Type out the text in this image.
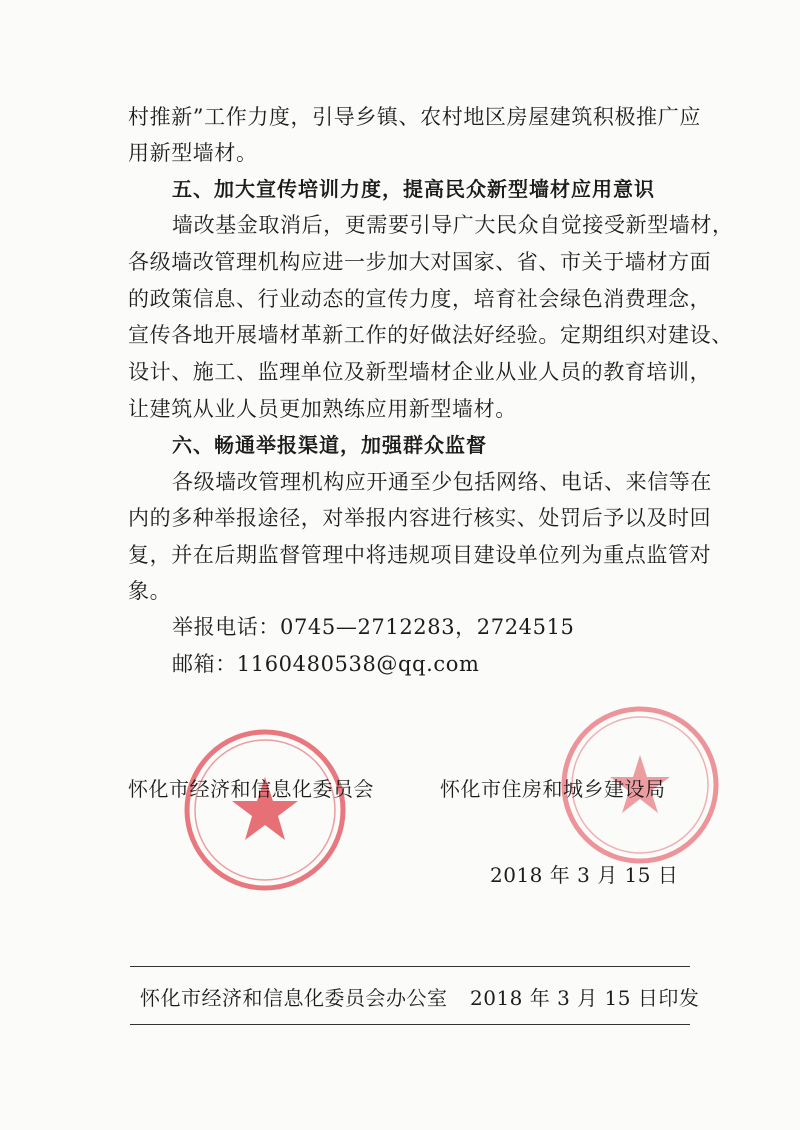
村推新”工作力度，引导乡镇、农村地区房屋建筑积极推广应
用新型墙材。
五、加大宣传培训力度，提高民众新型墙材应用意识
墙改基金取消后，更需要引导广大民众自觉接受新型墙材，
各级墙改管理机构应进一步加大对国家、省、市关于墙材方面
的政策信息、行业动态的宣传力度，培育社会绿色消费理念，
宣传各地开展墙材革新工作的好做法好经验。定期组织对建设、
设计、施工、监理单位及新型墙材企业从业人员的教育培训，
让建筑从业人员更加熟练应用新型墙材。
六、畅通举报渠道，加强群众监督
各级墙改管理机构应开通至少包括网络、电话、来信等在
内的多种举报途径，对举报内容进行核实、处罚后予以及时回
复，并在后期监督管理中将违规项目建设单位列为重点监管对
象。
举报电话：0745—2712283，2724515
邮箱：1160480538@qq.com
怀化市经济和信息化委员会	怀化市住房和城乡建设局
2018 年 3 月 15 日
怀化市经济和信息化委员会办公室 2018 年 3 月 15 日印发
